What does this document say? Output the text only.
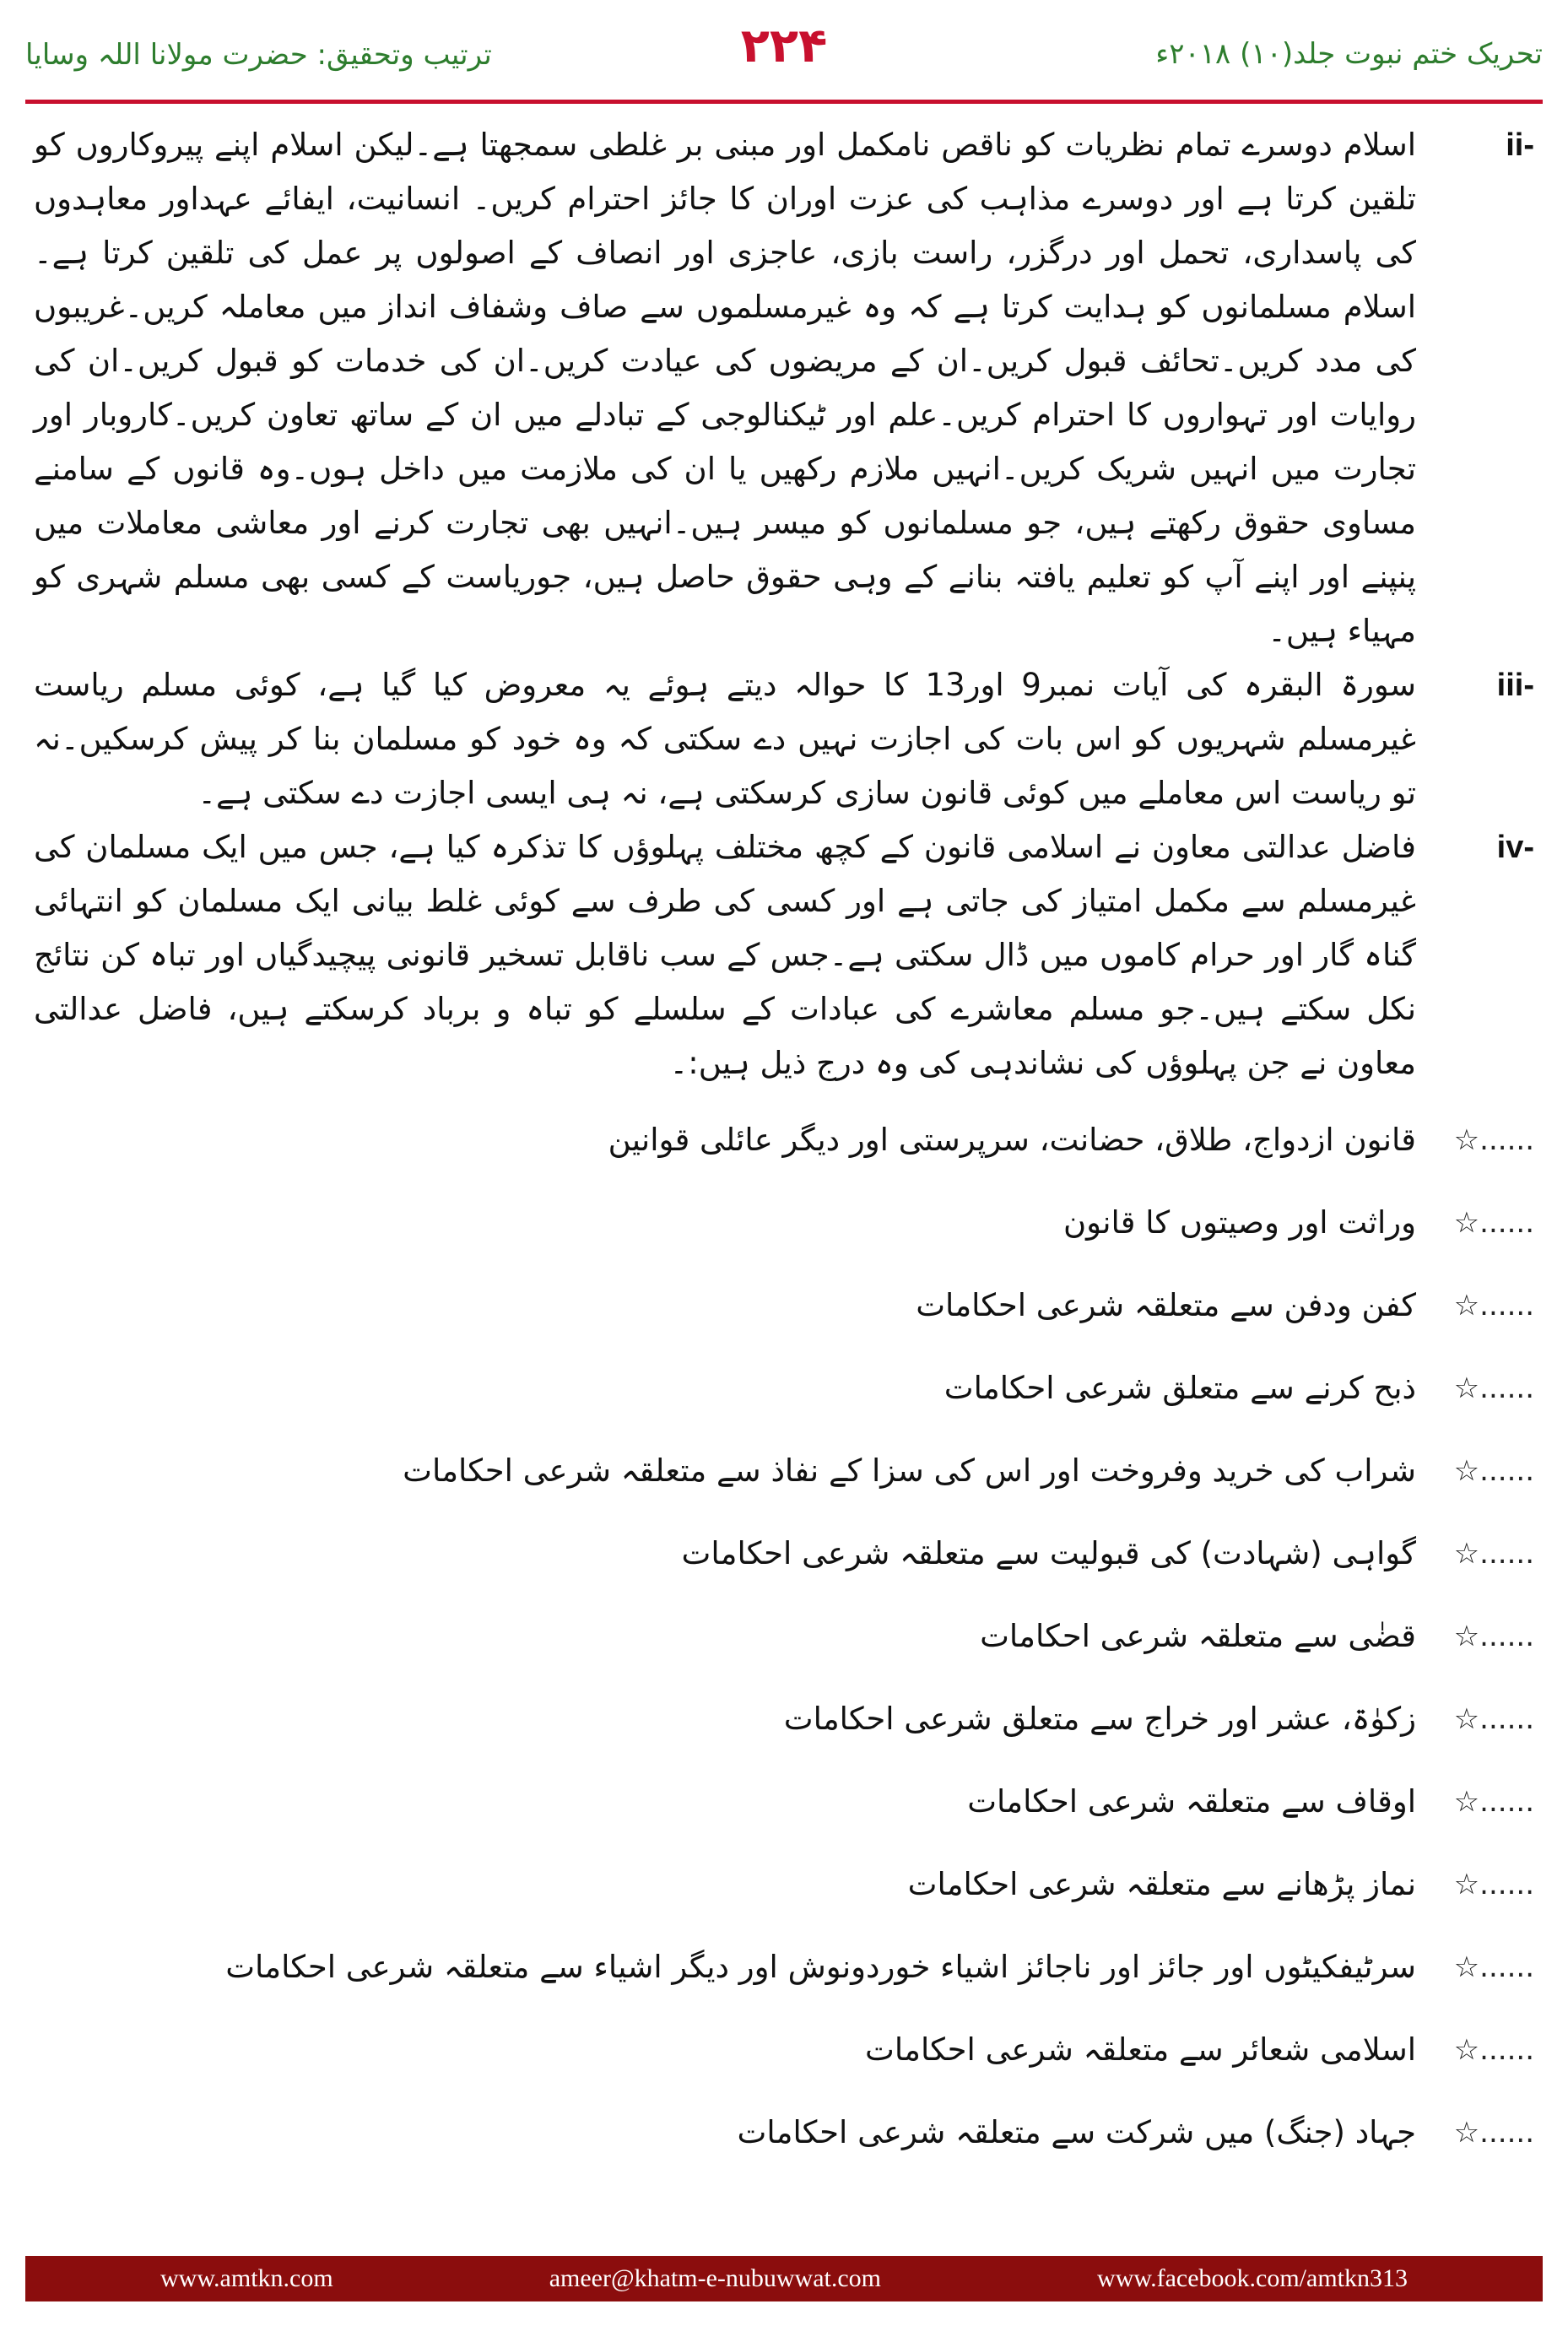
تحریک ختم نبوت جلد(۱۰) ۲۰۱۸ء
۲۲۴
ترتیب وتحقیق: حضرت مولانا اللہ وسایا
ii-
اسلام دوسرے تمام نظریات کو ناقص نامکمل اور مبنی بر غلطی سمجھتا ہے۔لیکن اسلام اپنے پیروکاروں کو تلقین کرتا ہے اور دوسرے مذاہب کی عزت اوران کا جائز احترام کریں۔ انسانیت، ایفائے عہداور معاہدوں کی پاسداری، تحمل اور درگزر، راست بازی، عاجزی اور انصاف کے اصولوں پر عمل کی تلقین کرتا ہے۔اسلام مسلمانوں کو ہدایت کرتا ہے کہ وہ غیرمسلموں سے صاف وشفاف انداز میں معاملہ کریں۔غریبوں کی مدد کریں۔تحائف قبول کریں۔ان کے مریضوں کی عیادت کریں۔ان کی خدمات کو قبول کریں۔ان کی روایات اور تہواروں کا احترام کریں۔علم اور ٹیکنالوجی کے تبادلے میں ان کے ساتھ تعاون کریں۔کاروبار اور تجارت میں انہیں شریک کریں۔انہیں ملازم رکھیں یا ان کی ملازمت میں داخل ہوں۔وہ قانوں کے سامنے مساوی حقوق رکھتے ہیں، جو مسلمانوں کو میسر ہیں۔انہیں بھی تجارت کرنے اور معاشی معاملات میں پنپنے اور اپنے آپ کو تعلیم یافتہ بنانے کے وہی حقوق حاصل ہیں، جوریاست کے کسی بھی مسلم شہری کو مہیاء ہیں۔
iii-
سورۃ البقرہ کی آیات نمبر9 اور13 کا حوالہ دیتے ہوئے یہ معروض کیا گیا ہے، کوئی مسلم ریاست غیرمسلم شہریوں کو اس بات کی اجازت نہیں دے سکتی کہ وہ خود کو مسلمان بنا کر پیش کرسکیں۔نہ تو ریاست اس معاملے میں کوئی قانون سازی کرسکتی ہے، نہ ہی ایسی اجازت دے سکتی ہے۔
iv-
فاضل عدالتی معاون نے اسلامی قانون کے کچھ مختلف پہلوؤں کا تذکرہ کیا ہے، جس میں ایک مسلمان کی غیرمسلم سے مکمل امتیاز کی جاتی ہے اور کسی کی طرف سے کوئی غلط بیانی ایک مسلمان کو انتہائی گناہ گار اور حرام کاموں میں ڈال سکتی ہے۔جس کے سب ناقابل تسخیر قانونی پیچیدگیاں اور تباہ کن نتائج نکل سکتے ہیں۔جو مسلم معاشرے کی عبادات کے سلسلے کو تباہ و برباد کرسکتے ہیں، فاضل عدالتی معاون نے جن پہلوؤں کی نشاندہی کی وہ درج ذیل ہیں:۔
☆......
قانون ازدواج، طلاق، حضانت، سرپرستی اور دیگر عائلی قوانین
☆......
وراثت اور وصیتوں کا قانون
☆......
کفن ودفن سے متعلقہ شرعی احکامات
☆......
ذبح کرنے سے متعلق شرعی احکامات
☆......
شراب کی خرید وفروخت اور اس کی سزا کے نفاذ سے متعلقہ شرعی احکامات
☆......
گواہی (شہادت) کی قبولیت سے متعلقہ شرعی احکامات
☆......
قضٰی سے متعلقہ شرعی احکامات
☆......
زکوٰۃ، عشر اور خراج سے متعلق شرعی احکامات
☆......
اوقاف سے متعلقہ شرعی احکامات
☆......
نماز پڑھانے سے متعلقہ شرعی احکامات
☆......
سرٹیفکیٹوں اور جائز اور ناجائز اشیاء خوردونوش اور دیگر اشیاء سے متعلقہ شرعی احکامات
☆......
اسلامی شعائر سے متعلقہ شرعی احکامات
☆......
جہاد (جنگ) میں شرکت سے متعلقہ شرعی احکامات
www.amtkn.com	ameer@khatm-e-nubuwwat.com	www.facebook.com/amtkn313
